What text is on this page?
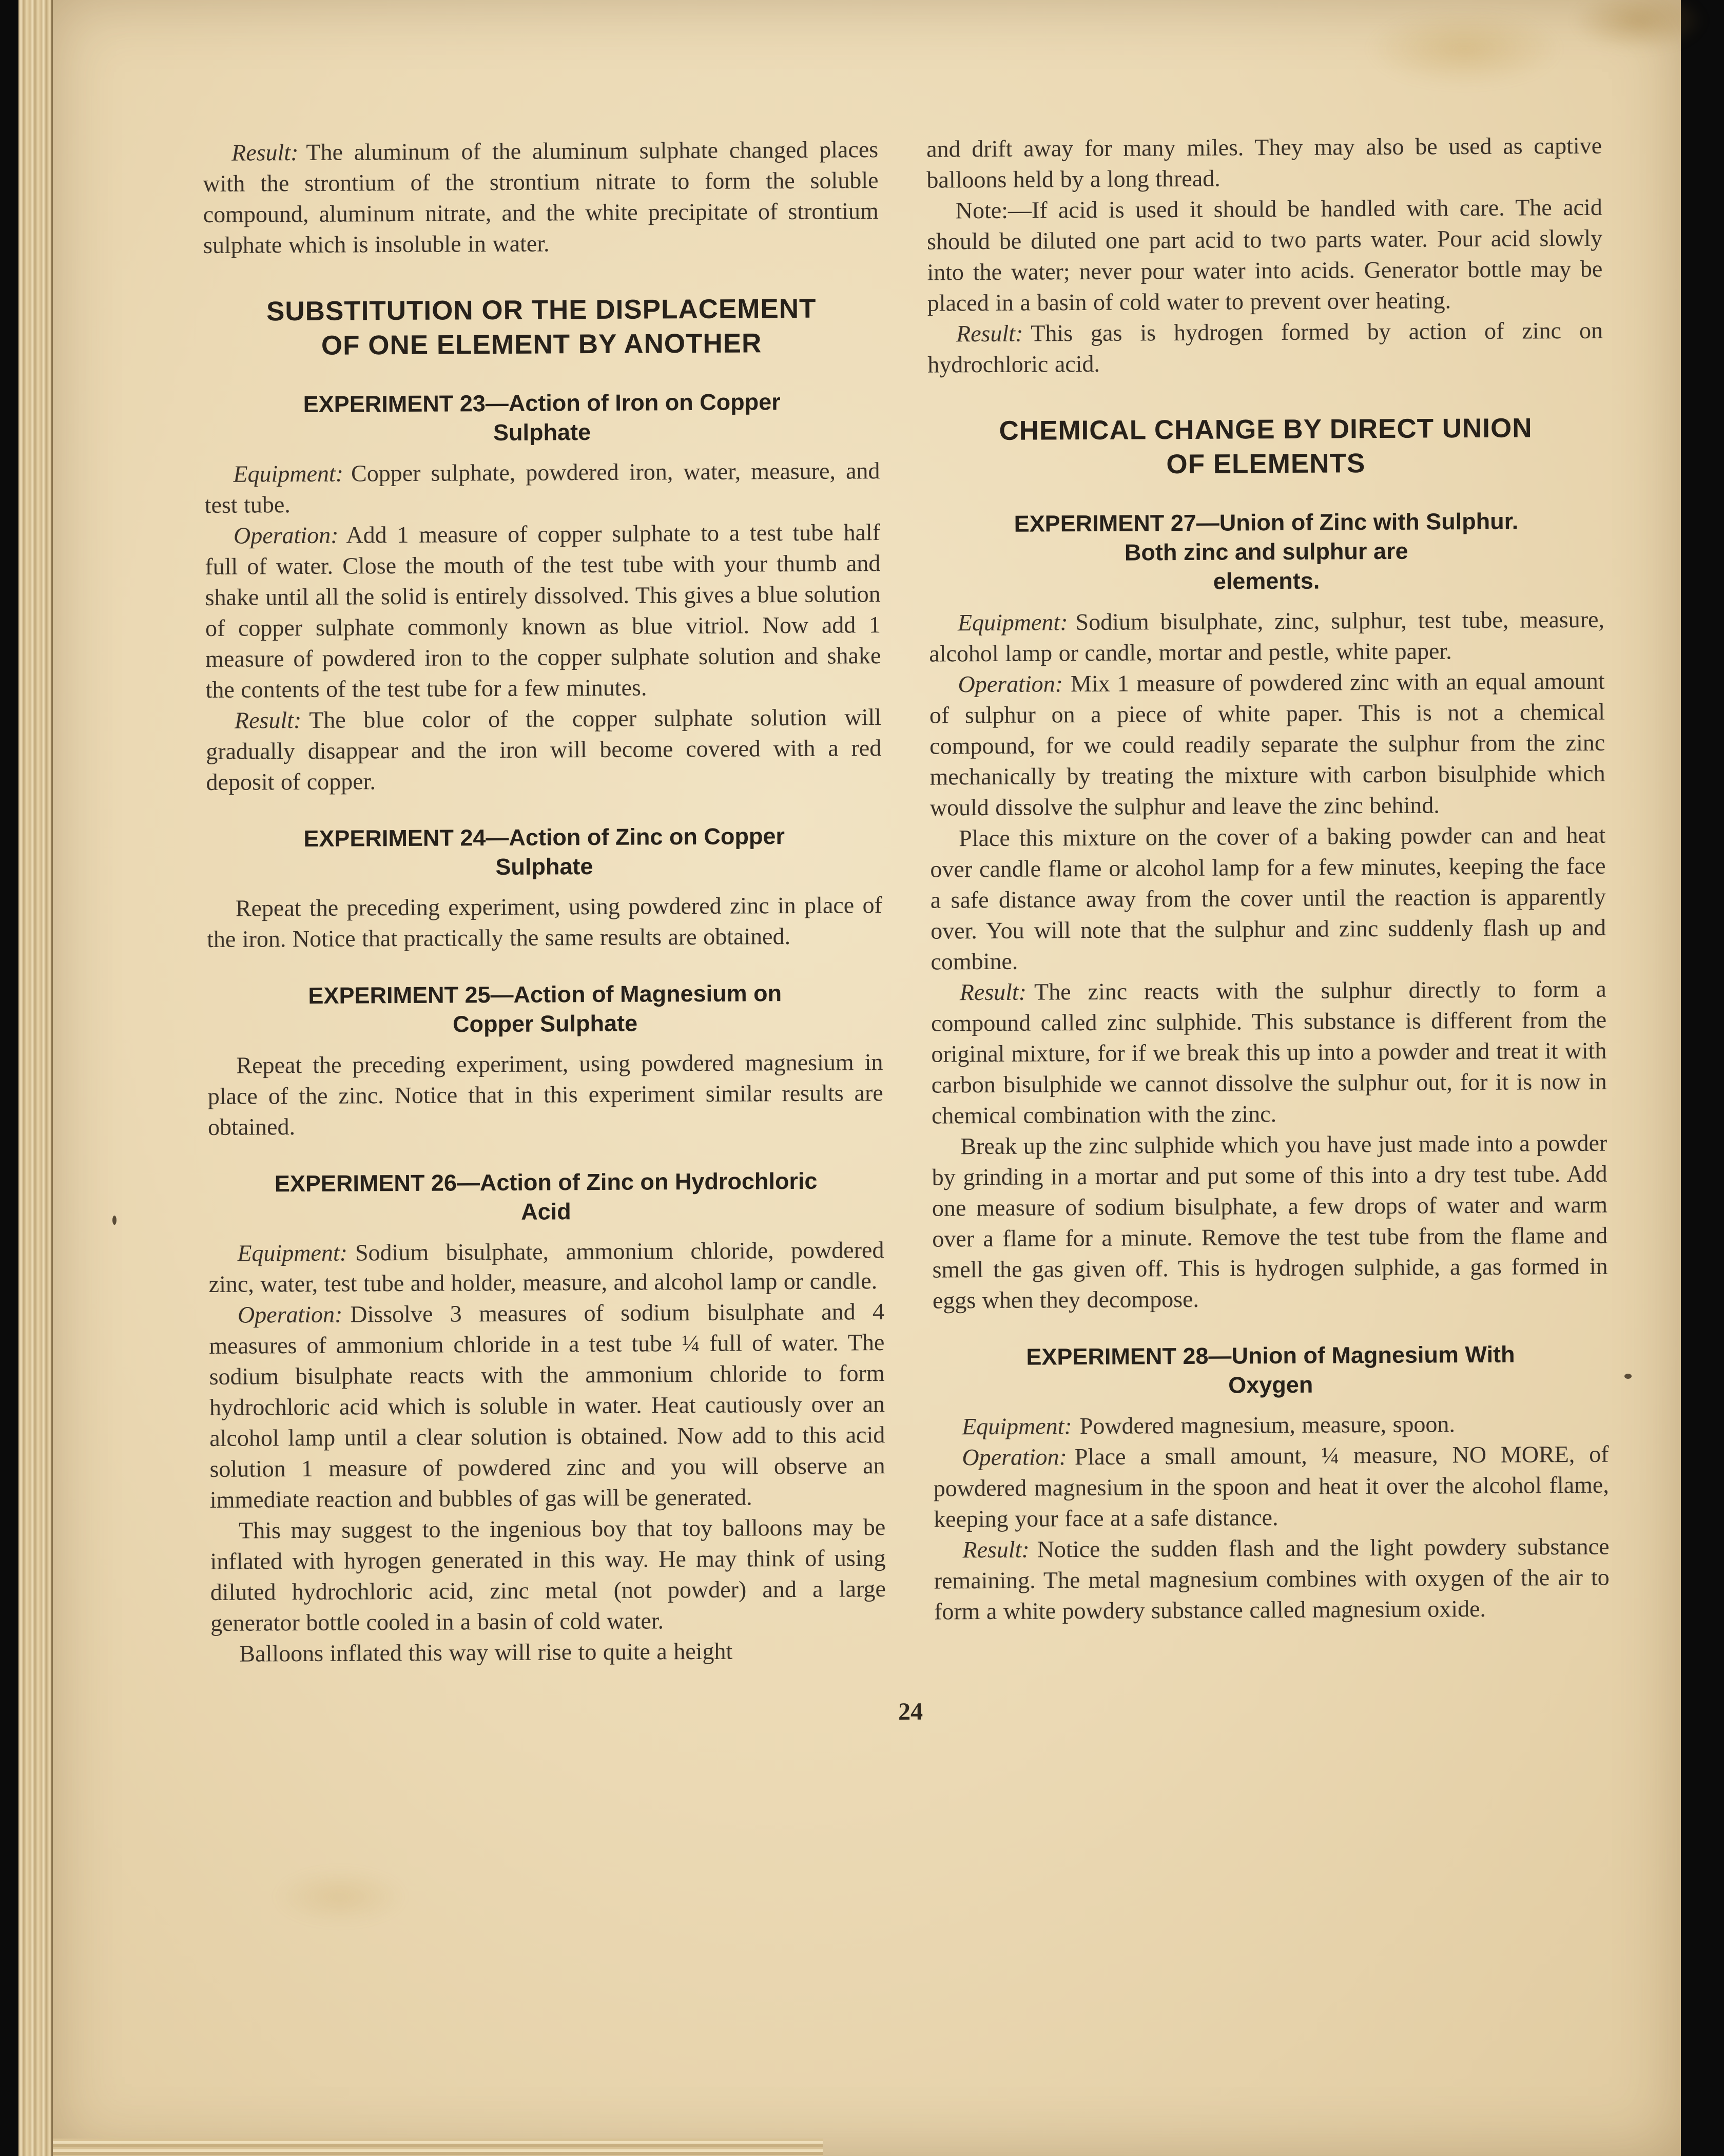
Result: The aluminum of the aluminum sulphate changed places with the strontium of the strontium nitrate to form the soluble compound, aluminum nitrate, and the white precipitate of strontium sulphate which is insoluble in water.

SUBSTITUTION OR THE DISPLACEMENT
OF ONE ELEMENT BY ANOTHER
EXPERIMENT 23—Action of Iron on Copper
Sulphate

Equipment: Copper sulphate, powdered iron, water, measure, and test tube.

Operation: Add 1 measure of copper sulphate to a test tube half full of water. Close the mouth of the test tube with your thumb and shake until all the solid is entirely dissolved. This gives a blue solution of copper sulphate commonly known as blue vitriol. Now add 1 measure of powdered iron to the copper sulphate solution and shake the contents of the test tube for a few minutes.

Result: The blue color of the copper sulphate solution will gradually disappear and the iron will become covered with a red deposit of copper.

EXPERIMENT 24—Action of Zinc on Copper
Sulphate

Repeat the preceding experiment, using powdered zinc in place of the iron. Notice that practically the same results are obtained.

EXPERIMENT 25—Action of Magnesium on
Copper Sulphate

Repeat the preceding experiment, using powdered magnesium in place of the zinc. Notice that in this experiment similar results are obtained.

EXPERIMENT 26—Action of Zinc on Hydrochloric
Acid

Equipment: Sodium bisulphate, ammonium chloride, powdered zinc, water, test tube and holder, measure, and alcohol lamp or candle.

Operation: Dissolve 3 measures of sodium bisulphate and 4 measures of ammonium chloride in a test tube ¼ full of water. The sodium bisulphate reacts with the ammonium chloride to form hydrochloric acid which is soluble in water. Heat cautiously over an alcohol lamp until a clear solution is obtained. Now add to this acid solution 1 measure of powdered zinc and you will observe an immediate reaction and bubbles of gas will be generated.

This may suggest to the ingenious boy that toy balloons may be inflated with hyrogen generated in this way. He may think of using diluted hydrochloric acid, zinc metal (not powder) and a large generator bottle cooled in a basin of cold water.

Balloons inflated this way will rise to quite a height

and drift away for many miles. They may also be used as captive balloons held by a long thread.

Note:—If acid is used it should be handled with care. The acid should be diluted one part acid to two parts water. Pour acid slowly into the water; never pour water into acids. Generator bottle may be placed in a basin of cold water to prevent over heating.

Result: This gas is hydrogen formed by action of zinc on hydrochloric acid.

CHEMICAL CHANGE BY DIRECT UNION
OF ELEMENTS
EXPERIMENT 27—Union of Zinc with Sulphur.
Both zinc and sulphur are
elements.

Equipment: Sodium bisulphate, zinc, sulphur, test tube, measure, alcohol lamp or candle, mortar and pestle, white paper.

Operation: Mix 1 measure of powdered zinc with an equal amount of sulphur on a piece of white paper. This is not a chemical compound, for we could readily separate the sulphur from the zinc mechanically by treating the mixture with carbon bisulphide which would dissolve the sulphur and leave the zinc behind.

Place this mixture on the cover of a baking powder can and heat over candle flame or alcohol lamp for a few minutes, keeping the face a safe distance away from the cover until the reaction is apparently over. You will note that the sulphur and zinc suddenly flash up and combine.

Result: The zinc reacts with the sulphur directly to form a compound called zinc sulphide. This substance is different from the original mixture, for if we break this up into a powder and treat it with carbon bisulphide we cannot dissolve the sulphur out, for it is now in chemical combination with the zinc.

Break up the zinc sulphide which you have just made into a powder by grinding in a mortar and put some of this into a dry test tube. Add one measure of sodium bisulphate, a few drops of water and warm over a flame for a minute. Remove the test tube from the flame and smell the gas given off. This is hydrogen sulphide, a gas formed in eggs when they decompose.

EXPERIMENT 28—Union of Magnesium With
Oxygen

Equipment: Powdered magnesium, measure, spoon.

Operation: Place a small amount, ¼ measure, NO MORE, of powdered magnesium in the spoon and heat it over the alcohol flame, keeping your face at a safe distance.

Result: Notice the sudden flash and the light powdery substance remaining. The metal magnesium combines with oxygen of the air to form a white powdery substance called magnesium oxide.

24
